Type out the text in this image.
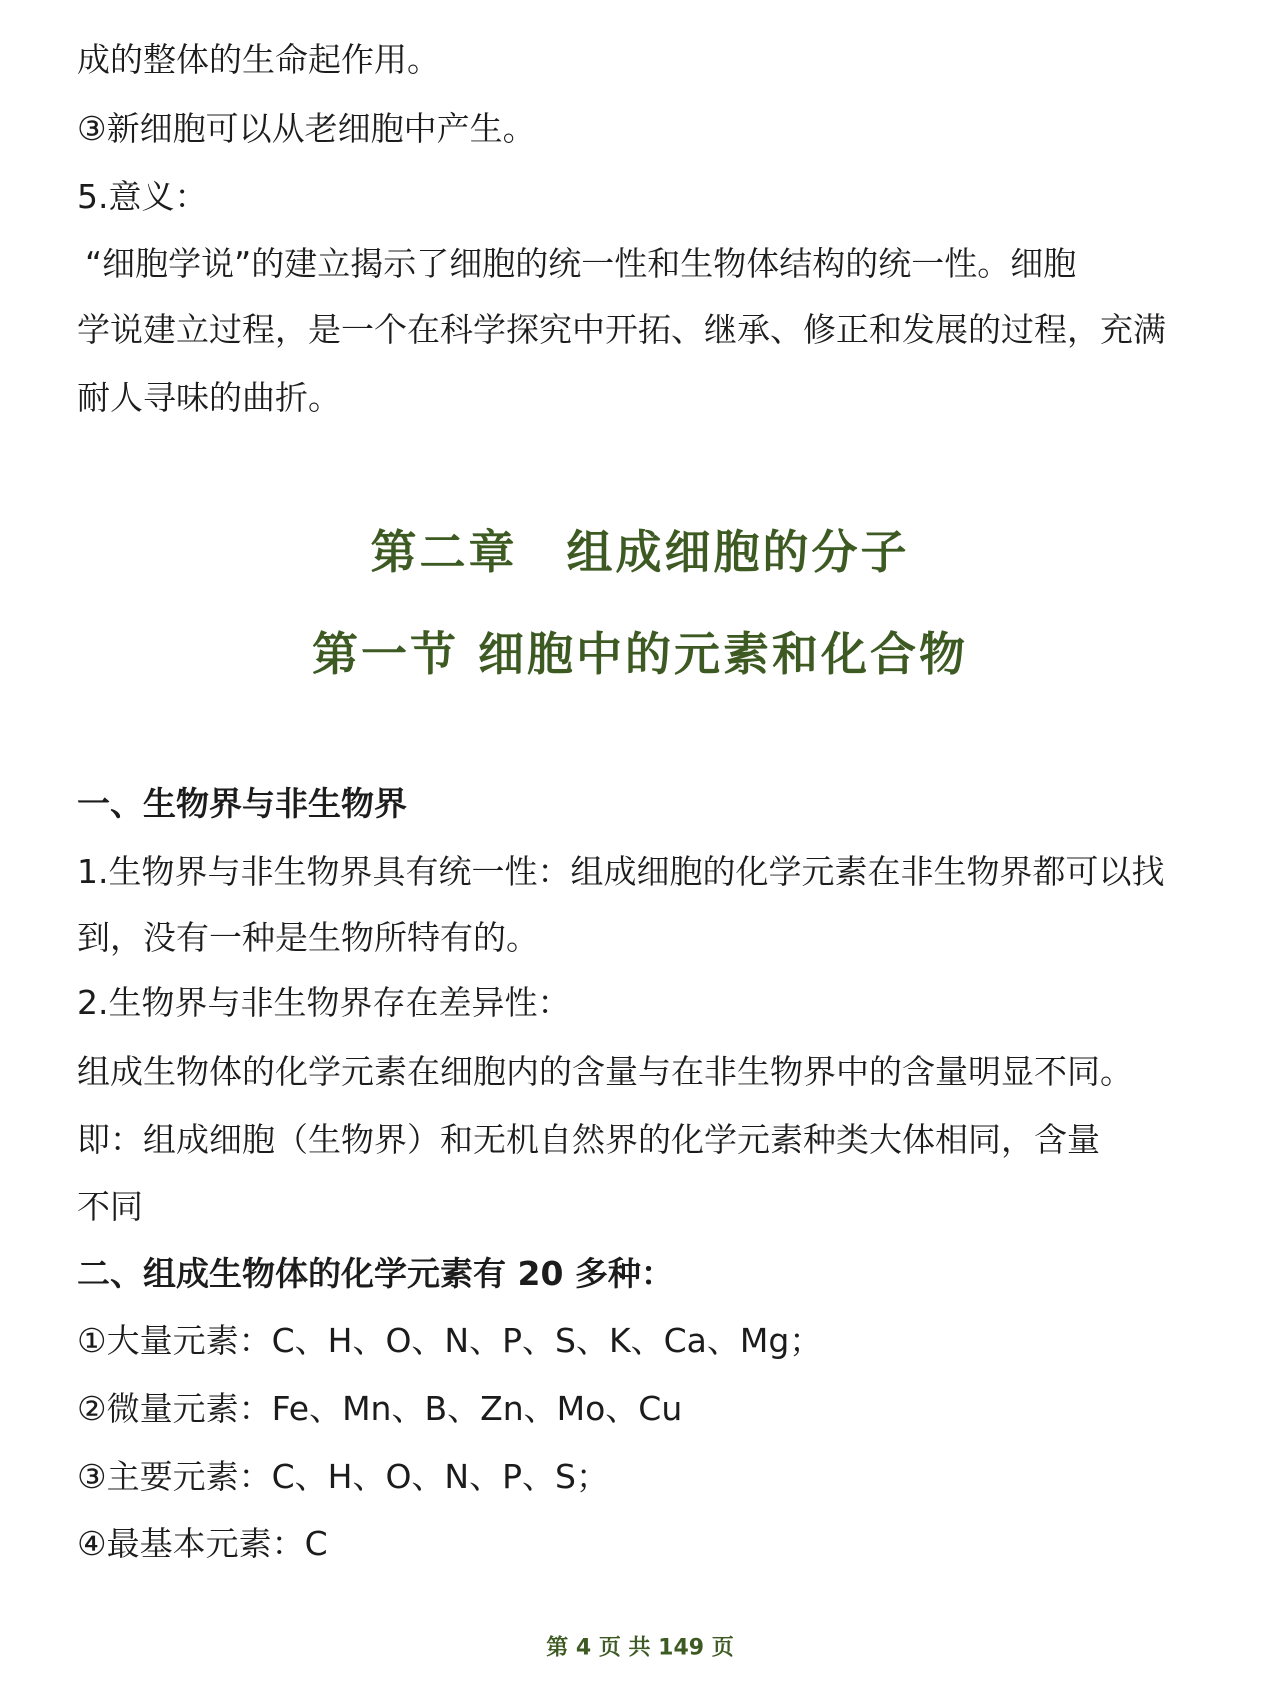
成的整体的生命起作用。
③新细胞可以从老细胞中产生。
5.意义：
“细胞学说”的建立揭示了细胞的统一性和生物体结构的统一性。细胞
学说建立过程，是一个在科学探究中开拓、继承、修正和发展的过程，充满
耐人寻味的曲折。
第二章　组成细胞的分子
第一节 细胞中的元素和化合物
一、生物界与非生物界
1.生物界与非生物界具有统一性：组成细胞的化学元素在非生物界都可以找
到，没有一种是生物所特有的。
2.生物界与非生物界存在差异性：
组成生物体的化学元素在细胞内的含量与在非生物界中的含量明显不同。
即：组成细胞（生物界）和无机自然界的化学元素种类大体相同，含量
不同
二、组成生物体的化学元素有 20 多种：
①大量元素：C、H、O、N、P、S、K、Ca、Mg；
②微量元素：Fe、Mn、B、Zn、Mo、Cu
③主要元素：C、H、O、N、P、S；
④最基本元素：C
第 4 页 共 149 页
